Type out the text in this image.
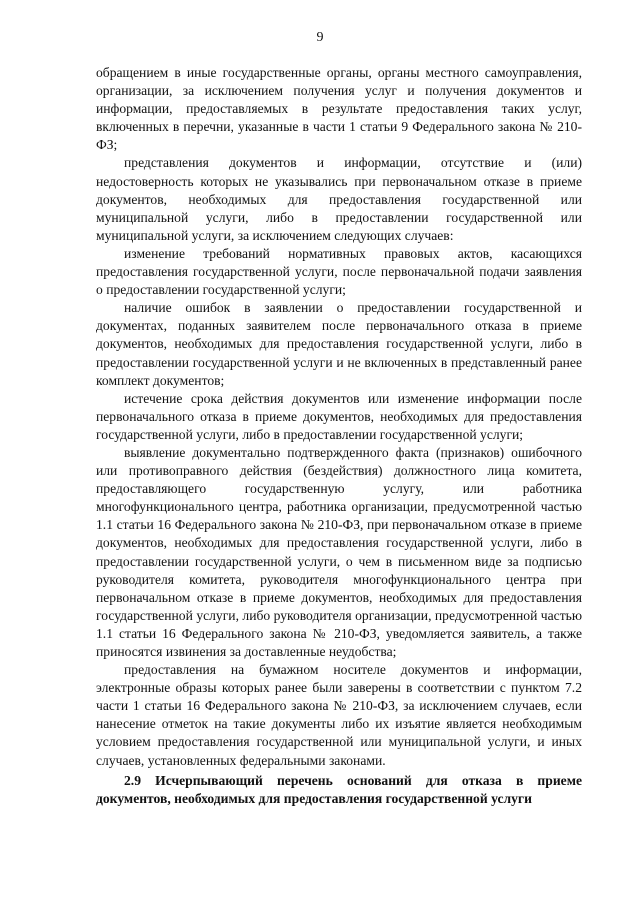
9

обращением в иные государственные органы, органы местного самоуправления, организации, за исключением получения услуг и получения документов и информации, предоставляемых в результате предоставления таких услуг, включенных в перечни, указанные в части 1 статьи 9 Федерального закона № 210-ФЗ;

представления документов и информации, отсутствие и (или) недостоверность которых не указывались при первоначальном отказе в приеме документов, необходимых для предоставления государственной или муниципальной услуги, либо в предоставлении государственной или муниципальной услуги, за исключением следующих случаев:

изменение требований нормативных правовых актов, касающихся предоставления государственной услуги, после первоначальной подачи заявления о предоставлении государственной услуги;

наличие ошибок в заявлении о предоставлении государственной и документах, поданных заявителем после первоначального отказа в приеме документов, необходимых для предоставления государственной услуги, либо в предоставлении государственной услуги и не включенных в представленный ранее комплект документов;

истечение срока действия документов или изменение информации после первоначального отказа в приеме документов, необходимых для предоставления государственной услуги, либо в предоставлении государственной услуги;

выявление документально подтвержденного факта (признаков) ошибочного или противоправного действия (бездействия) должностного лица комитета, предоставляющего государственную услугу, или работника многофункционального центра, работника организации, предусмотренной частью 1.1 статьи 16 Федерального закона № 210-ФЗ, при первоначальном отказе в приеме документов, необходимых для предоставления государственной услуги, либо в предоставлении государственной услуги, о чем в письменном виде за подписью руководителя комитета, руководителя многофункционального центра при первоначальном отказе в приеме документов, необходимых для предоставления государственной услуги, либо руководителя организации, предусмотренной частью 1.1 статьи 16 Федерального закона № 210-ФЗ, уведомляется заявитель, а также приносятся извинения за доставленные неудобства;

предоставления на бумажном носителе документов и информации, электронные образы которых ранее были заверены в соответствии с пунктом 7.2 части 1 статьи 16 Федерального закона № 210-ФЗ, за исключением случаев, если нанесение отметок на такие документы либо их изъятие является необходимым условием предоставления государственной или муниципальной услуги, и иных случаев, установленных федеральными законами.

2.9 Исчерпывающий перечень оснований для отказа в приеме документов, необходимых для предоставления государственной услуги
